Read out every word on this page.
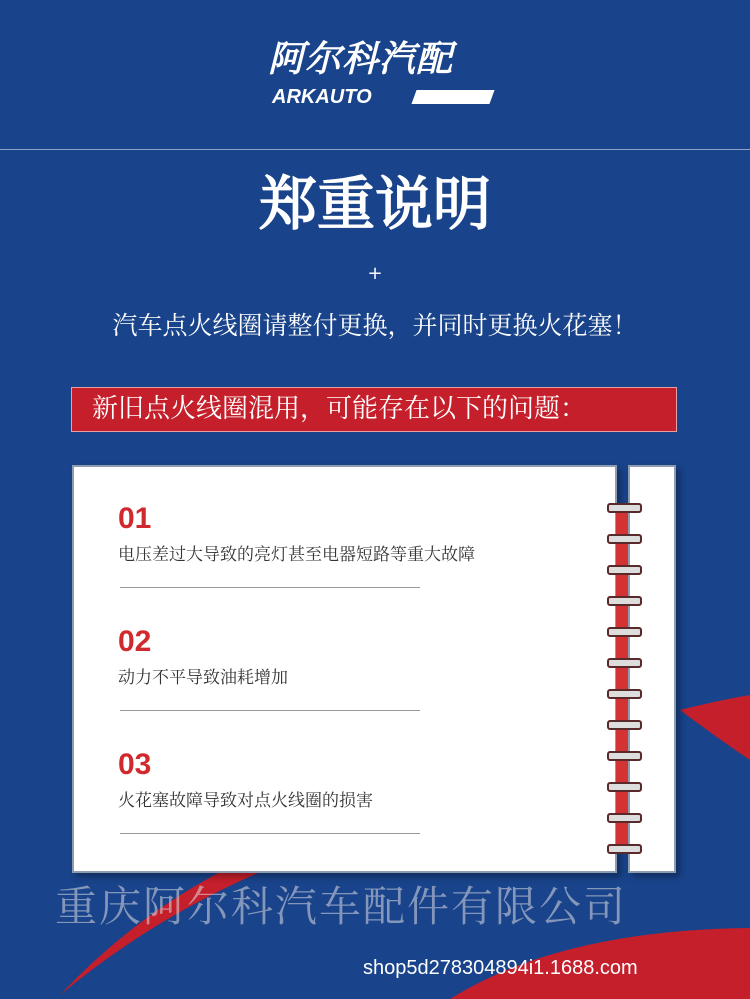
阿尔科汽配
ARKAUTO
郑重说明
+
汽车点火线圈请整付更换，并同时更换火花塞！
新旧点火线圈混用，可能存在以下的问题：
01
电压差过大导致的亮灯甚至电器短路等重大故障
02
动力不平导致油耗增加
03
火花塞故障导致对点火线圈的损害
重庆阿尔科汽车配件有限公司
shop5d278304894i1.1688.com
